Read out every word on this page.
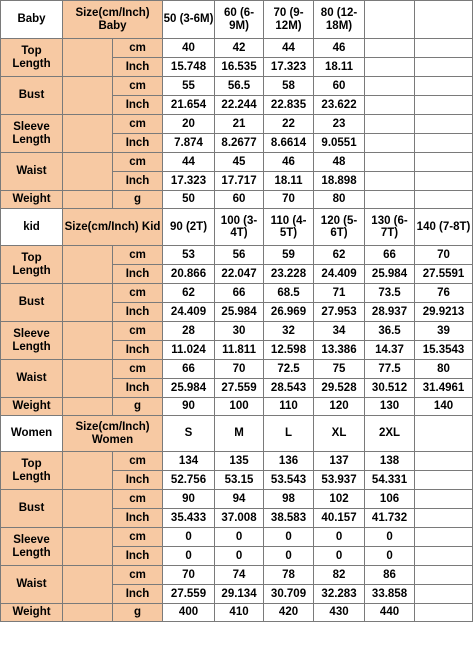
Baby	Size(cm/Inch) Baby		50 (3-6M)	60 (6-9M)	70 (9-12M)	80 (12-18M)		
Top Length		cm	40	42	44	46		
		Inch	15.748	16.535	17.323	18.11		
Bust		cm	55	56.5	58	60		
		Inch	21.654	22.244	22.835	23.622		
Sleeve Length		cm	20	21	22	23		
		Inch	7.874	8.2677	8.6614	9.0551		
Waist		cm	44	45	46	48		
		Inch	17.323	17.717	18.11	18.898		
Weight		g	50	60	70	80		
kid	Size(cm/Inch) Kid		90 (2T)	100 (3-4T)	110 (4-5T)	120 (5-6T)	130 (6-7T)	140 (7-8T)
Top Length		cm	53	56	59	62	66	70
		Inch	20.866	22.047	23.228	24.409	25.984	27.5591
Bust		cm	62	66	68.5	71	73.5	76
		Inch	24.409	25.984	26.969	27.953	28.937	29.9213
Sleeve Length		cm	28	30	32	34	36.5	39
		Inch	11.024	11.811	12.598	13.386	14.37	15.3543
Waist		cm	66	70	72.5	75	77.5	80
		Inch	25.984	27.559	28.543	29.528	30.512	31.4961
Weight		g	90	100	110	120	130	140
Women	Size(cm/Inch) Women		S	M	L	XL	2XL	
Top Length		cm	134	135	136	137	138	
		Inch	52.756	53.15	53.543	53.937	54.331	
Bust		cm	90	94	98	102	106	
		Inch	35.433	37.008	38.583	40.157	41.732	
Sleeve Length		cm	0	0	0	0	0	
		Inch	0	0	0	0	0	
Waist		cm	70	74	78	82	86	
		Inch	27.559	29.134	30.709	32.283	33.858	
Weight		g	400	410	420	430	440	
